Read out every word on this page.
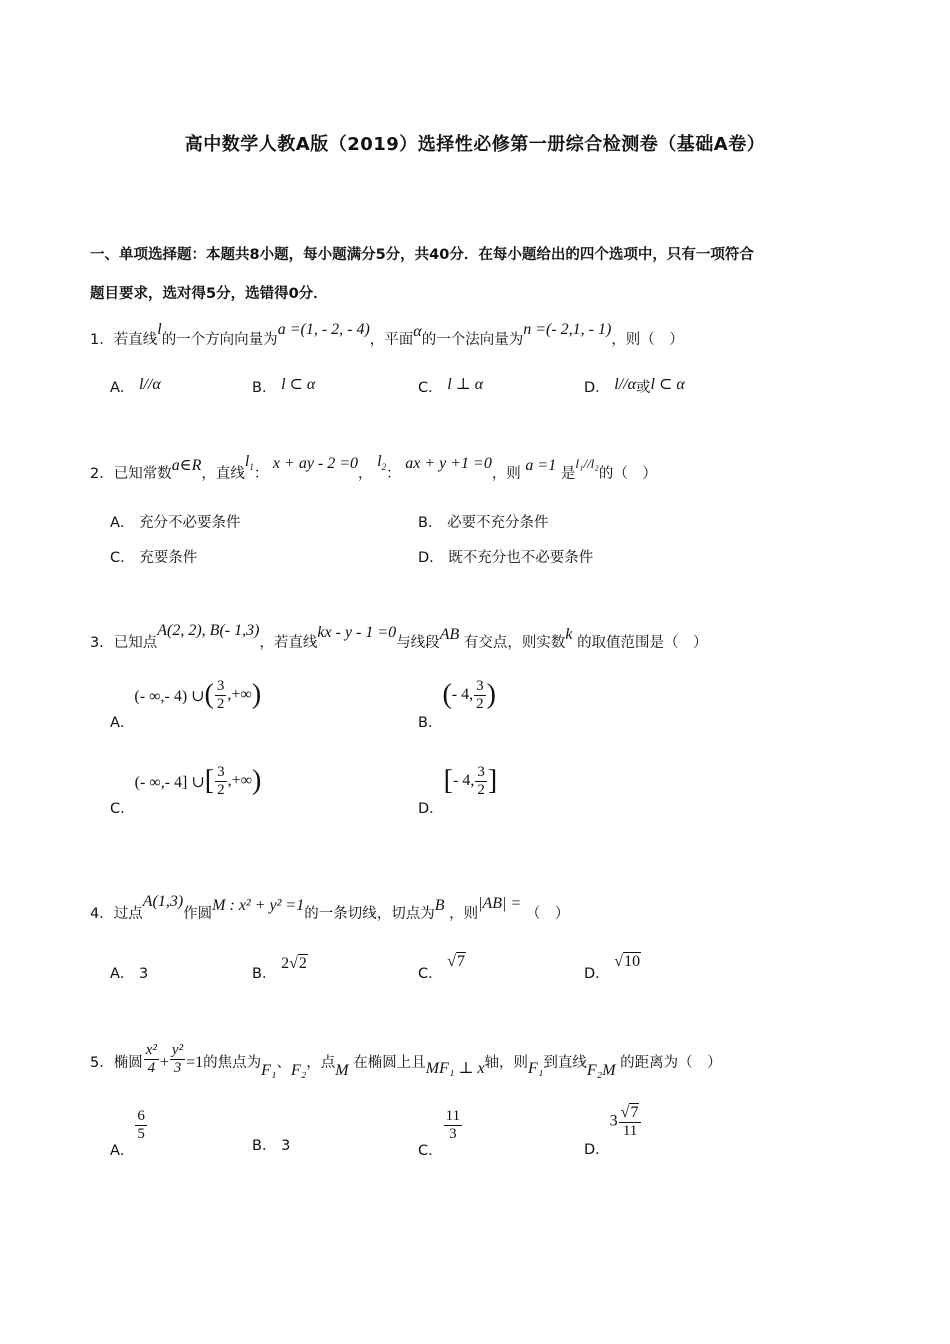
高中数学人教A版（2019）选择性必修第一册综合检测卷（基础A卷）
一、单项选择题：本题共8小题，每小题满分5分，共40分．在每小题给出的四个选项中，只有一项符合
题目要求，选对得5分，选错得0分．
1．若直线l的一个方向向量为a =(1, - 2, - 4)，平面α的一个法向量为n =(- 2,1, - 1)，则（　）
A． l//α	B． l ⊂ α	C． l ⊥ α	D． l//α或l ⊂ α
2．已知常数a∈R，直线$l_1$： x + ay - 2 =0， $l_2$： ax + y +1 =0，则 a =1 是l₁//l₂的（　）
A． 充分不必要条件	B． 必要不充分条件
C． 充要条件	D． 既不充分也不必要条件
3．已知点A(2, 2), B(- 1,3)，若直线kx - y - 1 =0与线段AB 有交点，则实数k 的取值范围是（　）
A．(- ∞,- 4) ∪( $\frac{3}{2}$ ,+∞)
B．(- 4, $\frac{3}{2}$ )
C．(- ∞,- 4] ∪[ $\frac{3}{2}$ ,+∞)
D．[- 4, $\frac{3}{2}$ ]
4．过点A(1,3)作圆M : x² + y² =1的一条切线，切点为B ，则|AB| = （　）
A． 3	B． 2√2
C． √7
D． √10
5．椭圆 $\frac{\text{x²}}{4} + \frac{\text{y²}}{3} =1$的焦点为F₁、F₂，点M 在椭圆上且MF₁ ⊥ x轴，则F₁到直线F₂M 的距离为（　）
A．
$\frac{6}{5}$
B． 3	C．
$\frac{11}{3}$
D．$3 \frac{√7}{11}$
